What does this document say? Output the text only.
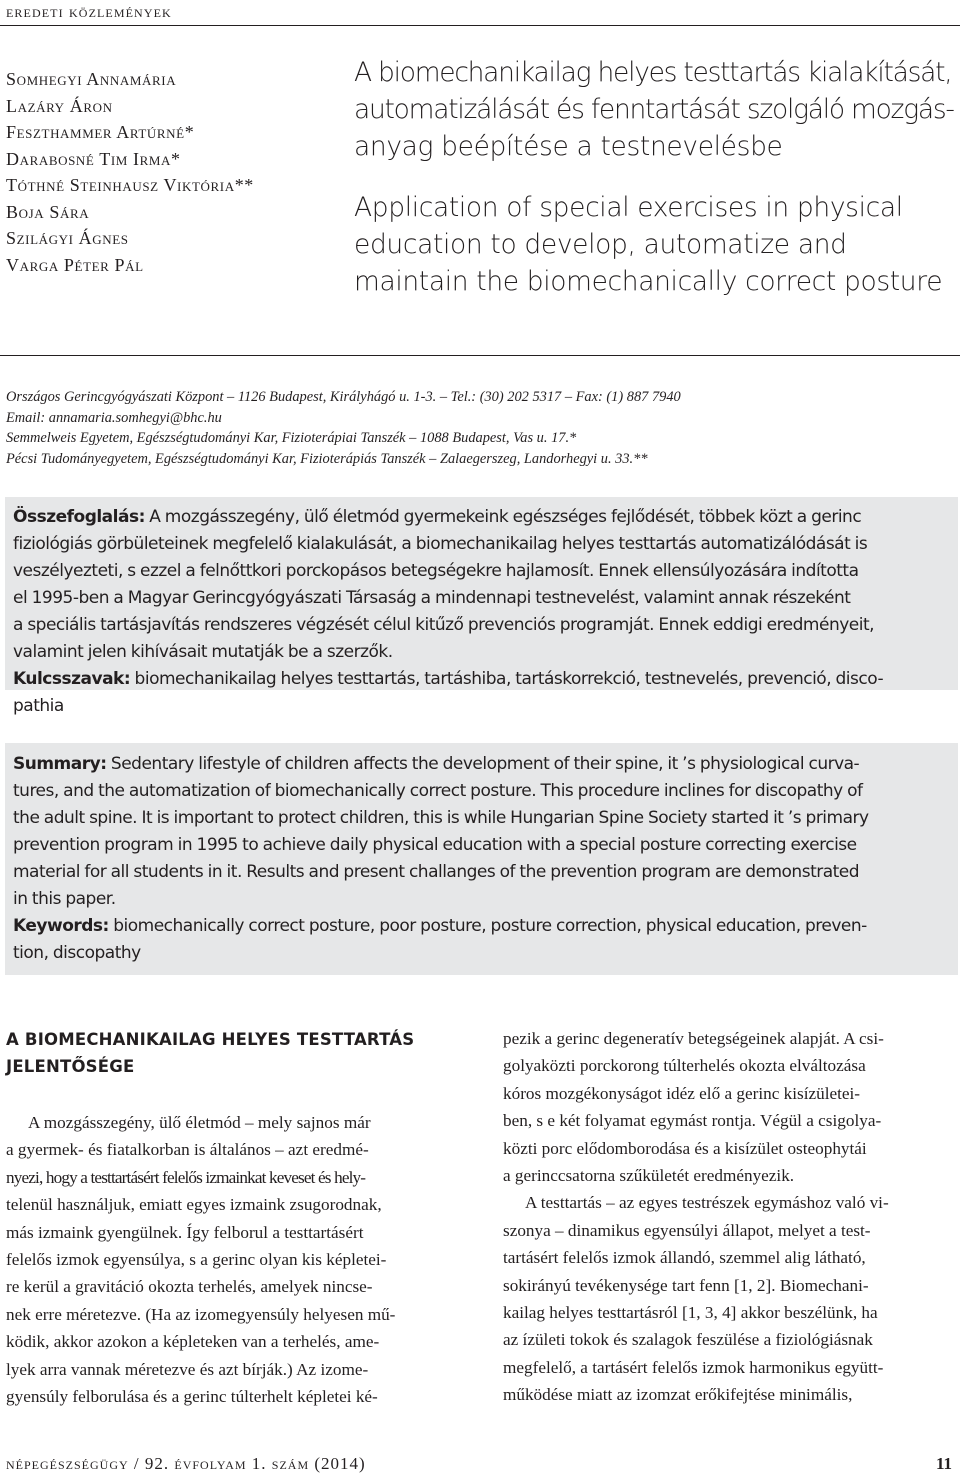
eredeti közlemények
Somhegyi Annamária
Lazáry Áron
Feszthammer Artúrné*
Darabosné Tim Irma*
Tóthné Steinhausz Viktória**
Boja Sára
Szilágyi Ágnes
Varga Péter Pál
A biomechanikailag helyes testtartás kialakítását,
automatizálását és fenntartását szolgáló mozgás-
anyag beépítése a testnevelésbe
Application of special exercises in physical
education to develop, automatize and
maintain the biomechanically correct posture
Országos Gerincgyógyászati Központ – 1126 Budapest, Királyhágó u. 1-3. – Tel.: (30) 202 5317 – Fax: (1) 887 7940
Email: annamaria.somhegyi@bhc.hu
Semmelweis Egyetem, Egészségtudományi Kar, Fizioterápiai Tanszék – 1088 Budapest, Vas u. 17.*
Pécsi Tudományegyetem, Egészségtudományi Kar, Fizioterápiás Tanszék – Zalaegerszeg, Landorhegyi u. 33.**
Összefoglalás: A mozgásszegény, ülő életmód gyermekeink egészséges fejlődését, többek közt a gerinc
fiziológiás görbületeinek megfelelő kialakulását, a biomechanikailag helyes testtartás automatizálódását is
veszélyezteti, s ezzel a felnőttkori porckopásos betegségekre hajlamosít. Ennek ellensúlyozására indította
el 1995-ben a Magyar Gerincgyógyászati Társaság a mindennapi testnevelést, valamint annak részeként
a speciális tartásjavítás rendszeres végzését célul kitűző prevenciós programját. Ennek eddigi eredményeit,
valamint jelen kihívásait mutatják be a szerzők.
Kulcsszavak: biomechanikailag helyes testtartás, tartáshiba, tartáskorrekció, testnevelés, prevenció, disco-
pathia
Summary: Sedentary lifestyle of children affects the development of their spine, it ’s physiological curva-
tures, and the automatization of biomechanically correct posture. This procedure inclines for discopathy of
the adult spine. It is important to protect children, this is while Hungarian Spine Society started it ’s primary
prevention program in 1995 to achieve daily physical education with a special posture correcting exercise
material for all students in it. Results and present challanges of the prevention program are demonstrated
in this paper.
Keywords: biomechanically correct posture, poor posture, posture correction, physical education, preven-
tion, discopathy
A BIOMECHANIKAILAG HELYES TESTTARTÁS
JELENTŐSÉGE
A mozgásszegény, ülő életmód – mely sajnos már
a gyermek- és fiatalkorban is általános – azt eredmé-
nyezi, hogy a testtartásért felelős izmainkat keveset és hely-
telenül használjuk, emiatt egyes izmaink zsugorodnak,
más izmaink gyengülnek. Így felborul a testtartásért
felelős izmok egyensúlya, s a gerinc olyan kis képletei-
re kerül a gravitáció okozta terhelés, amelyek nincse-
nek erre méretezve. (Ha az izomegyensúly helyesen mű-
ködik, akkor azokon a képleteken van a terhelés, ame-
lyek arra vannak méretezve és azt bírják.) Az izome-
gyensúly felborulása és a gerinc túlterhelt képletei ké-
pezik a gerinc degeneratív betegségeinek alapját. A csi-
golyaközti porckorong túlterhelés okozta elváltozása
kóros mozgékonyságot idéz elő a gerinc kisízületei-
ben, s e két folyamat egymást rontja. Végül a csigolya-
közti porc elődomborodása és a kisízület osteophytái
a gerinccsatorna szűkületét eredményezik.
A testtartás – az egyes testrészek egymáshoz való vi-
szonya – dinamikus egyensúlyi állapot, melyet a test-
tartásért felelős izmok állandó, szemmel alig látható,
sokirányú tevékenysége tart fenn [1, 2]. Biomechani-
kailag helyes testtartásról [1, 3, 4] akkor beszélünk, ha
az ízületi tokok és szalagok feszülése a fiziológiásnak
megfelelő, a tartásért felelős izmok harmonikus együtt-
működése miatt az izomzat erőkifejtése minimális,
népegészségügy / 92. évfolyam 1. szám (2014)	11
